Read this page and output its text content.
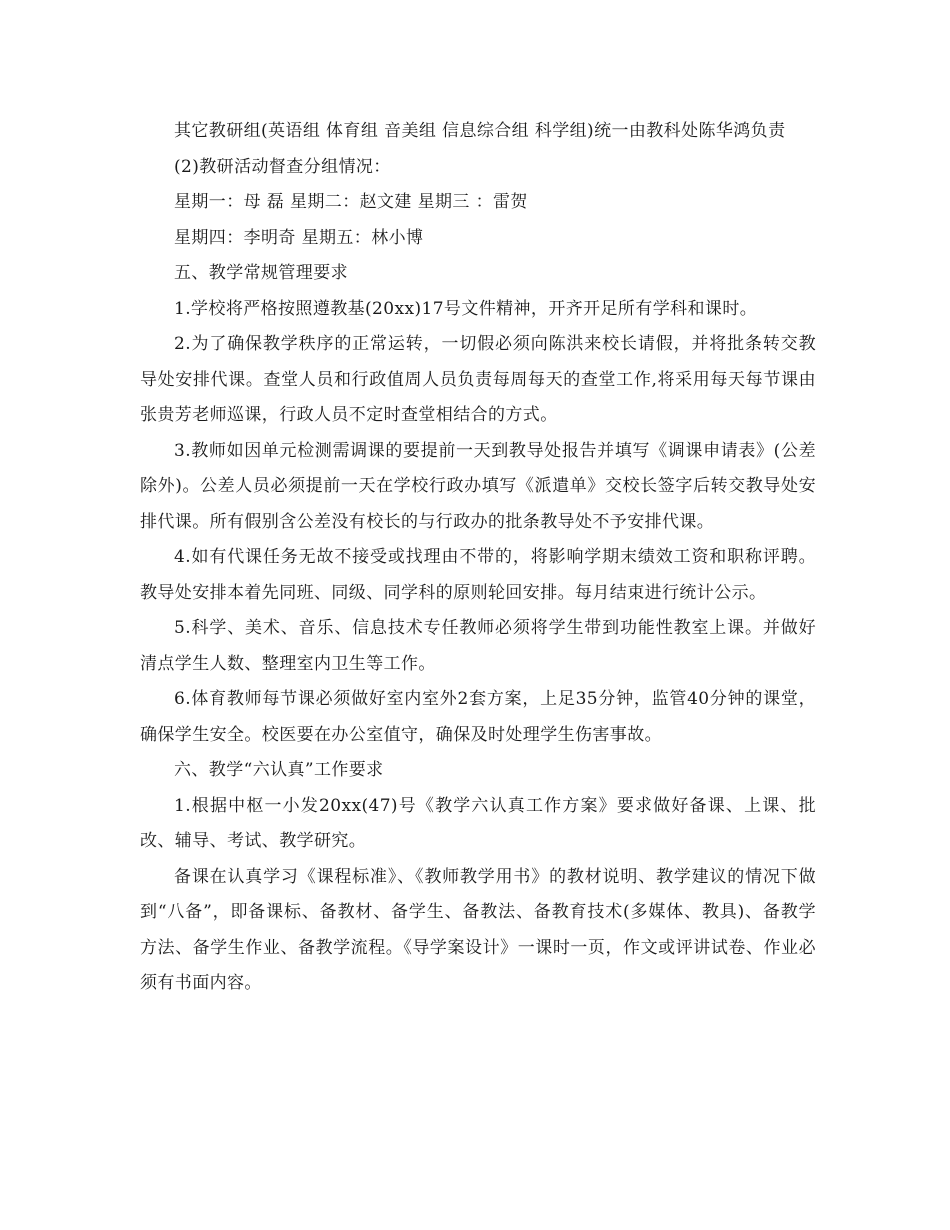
其它教研组(英语组 体育组 音美组 信息综合组 科学组)统一由教科处陈华鸿负责

(2)教研活动督查分组情况：

星期一：母 磊 星期二：赵文建 星期三 ：雷贺

星期四：李明奇 星期五：林小博

五、教学常规管理要求

1.学校将严格按照遵教基(20xx)17号文件精神，开齐开足所有学科和课时。

2.为了确保教学秩序的正常运转，一切假必须向陈洪来校长请假，并将批条转交教导处安排代课。查堂人员和行政值周人员负责每周每天的查堂工作,将采用每天每节课由张贵芳老师巡课，行政人员不定时查堂相结合的方式。

3.教师如因单元检测需调课的要提前一天到教导处报告并填写《调课申请表》(公差除外)。公差人员必须提前一天在学校行政办填写《派遣单》交校长签字后转交教导处安排代课。所有假别含公差没有校长的与行政办的批条教导处不予安排代课。

4.如有代课任务无故不接受或找理由不带的，将影响学期末绩效工资和职称评聘。教导处安排本着先同班、同级、同学科的原则轮回安排。每月结束进行统计公示。

5.科学、美术、音乐、信息技术专任教师必须将学生带到功能性教室上课。并做好清点学生人数、整理室内卫生等工作。

6.体育教师每节课必须做好室内室外2套方案，上足35分钟，监管40分钟的课堂，确保学生安全。校医要在办公室值守，确保及时处理学生伤害事故。

六、教学“六认真”工作要求

1.根据中枢一小发20xx(47)号《教学六认真工作方案》要求做好备课、上课、批改、辅导、考试、教学研究。

备课在认真学习《课程标准》、《教师教学用书》的教材说明、教学建议的情况下做到“八备”，即备课标、备教材、备学生、备教法、备教育技术(多媒体、教具)、备教学方法、备学生作业、备教学流程。《导学案设计》一课时一页，作文或评讲试卷、作业必须有书面内容。
